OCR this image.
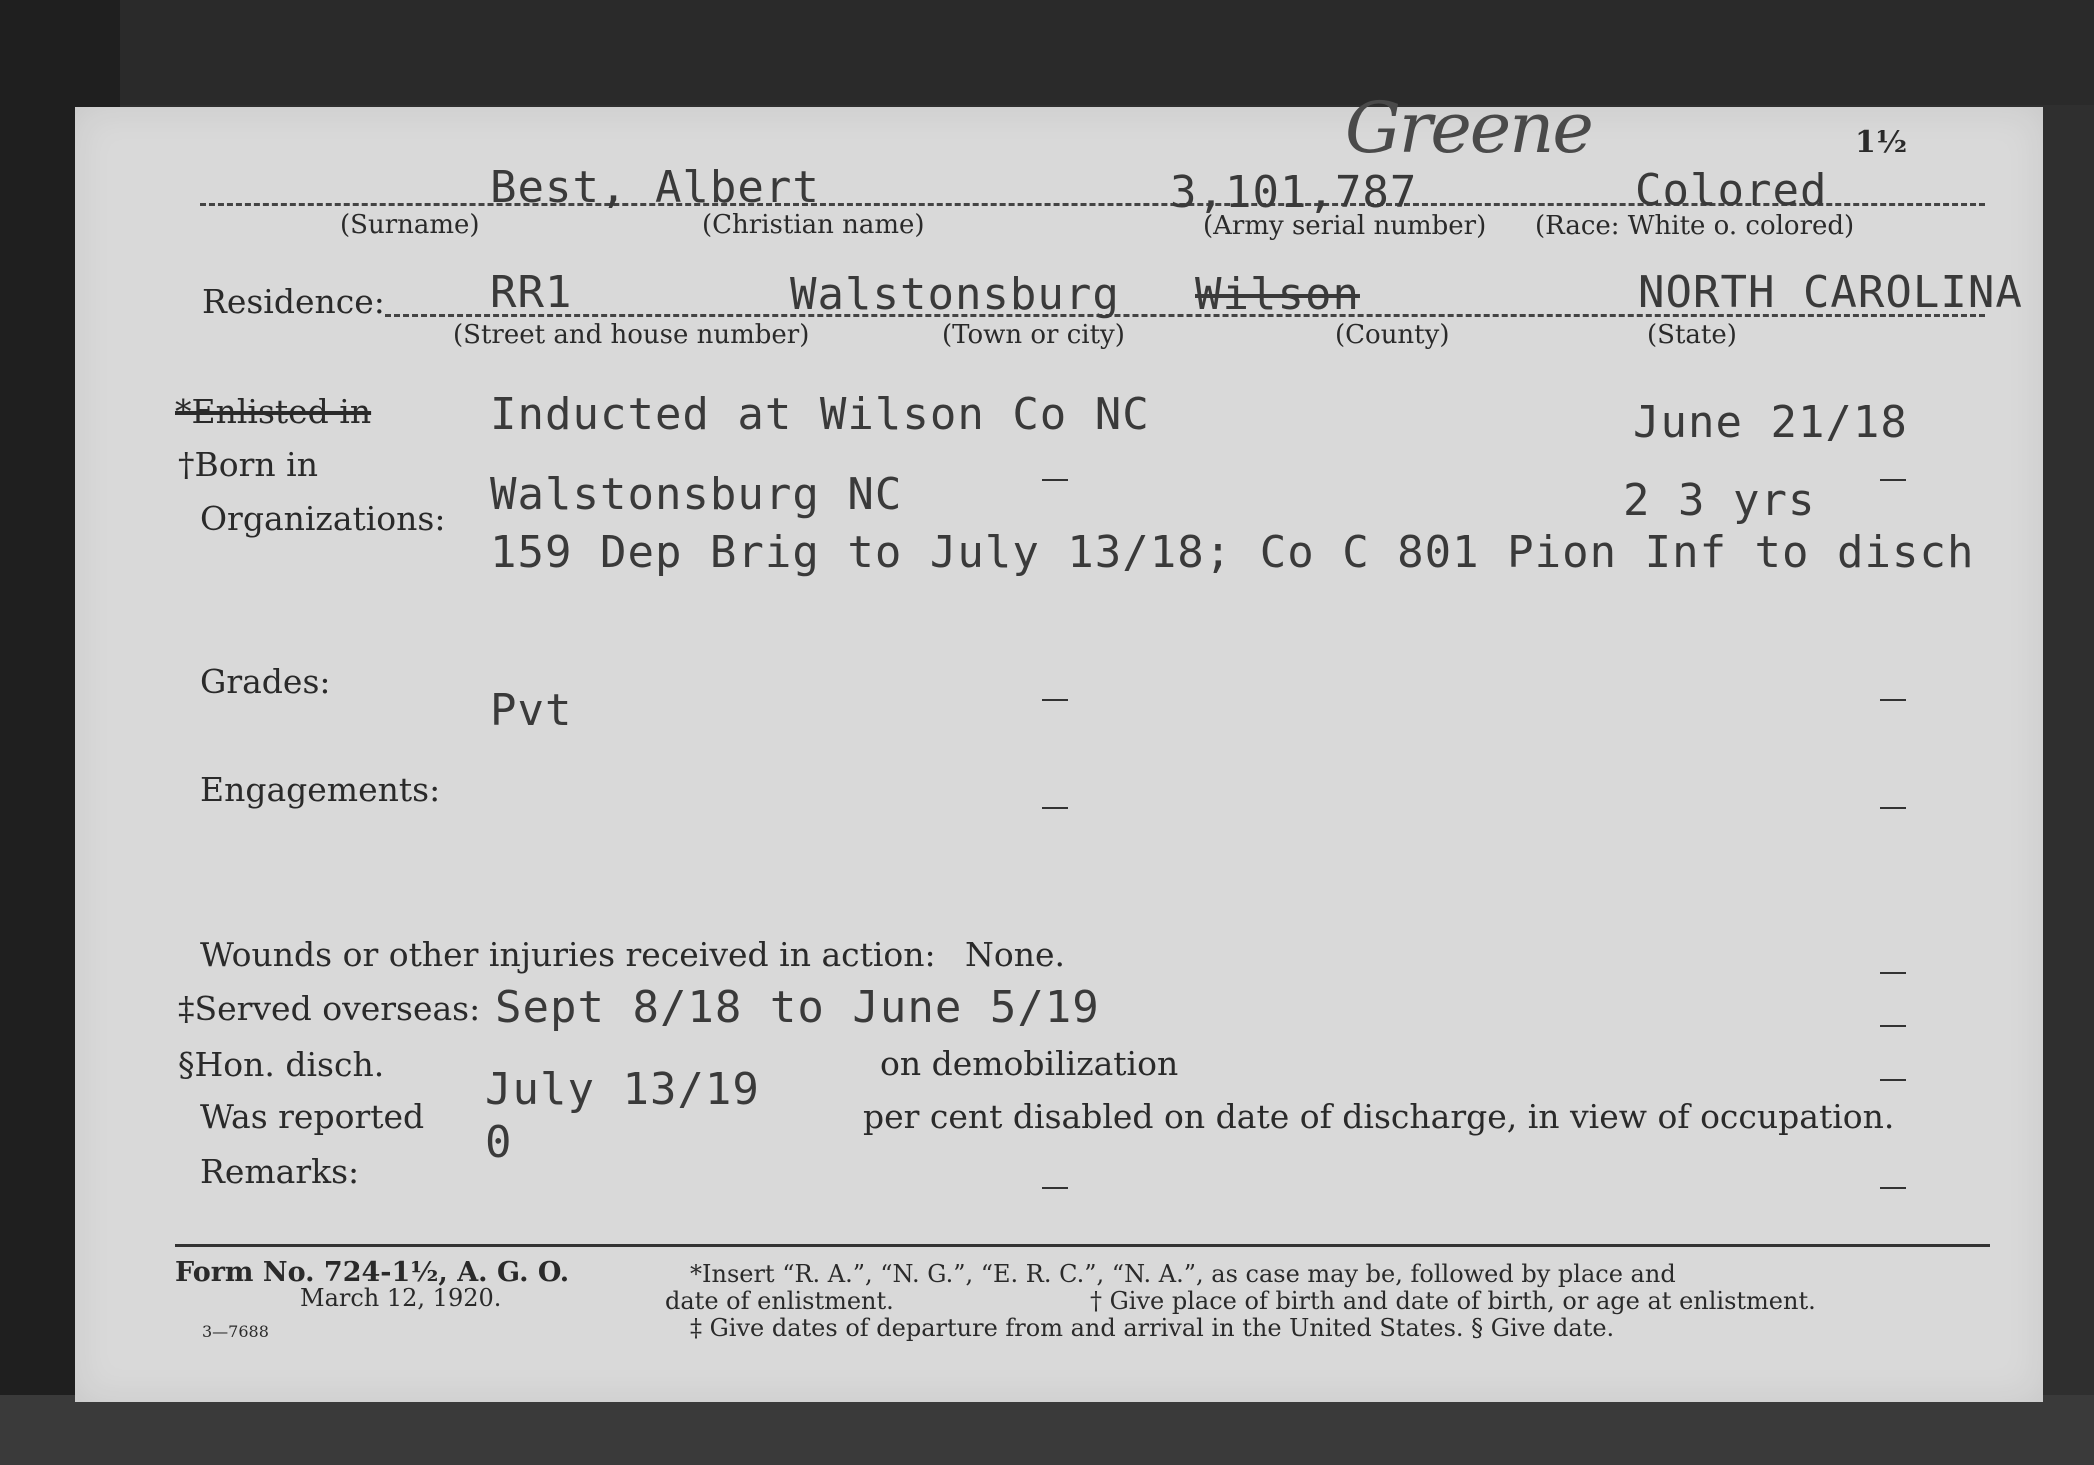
1½
Greene
Best, Albert	3,101,787	Colored
(Surname)	(Christian name)	(Army serial number) (Race: White o. colored)
Residence: RR1	Walstonsburg Wilson	NORTH CAROLINA
(Street and house number)	(Town or city)	(County)	(State)
*Enlisted in	Inducted at Wilson Co NC	June 21/18
†Born in
Walstonsburg NC	2 3 yrs
Organizations:
159 Dep Brig to July 13/18; Co C 801 Pion Inf to disch
Grades:
Pvt
Engagements:
Wounds or other injuries received in action: None.
‡Served overseas: Sept 8/18 to June 5/19
§Hon. disch. July 13/19
on demobilization
Was reported
0
per cent disabled on date of discharge, in view of occupation.
Remarks:
Form No. 724-1½, A. G. O.
March 12, 1920.
3—7688
*Insert “R. A.”, “N. G.”, “E. R. C.”, “N. A.”, as case may be, followed by place and
date of enlistment.	† Give place of birth and date of birth, or age at enlistment.
‡ Give dates of departure from and arrival in the United States. § Give date.
